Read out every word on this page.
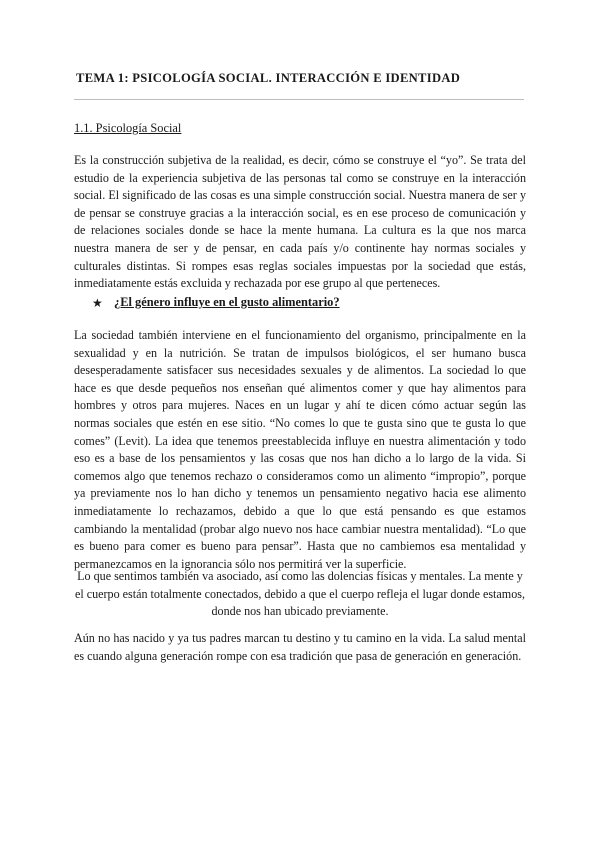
TEMA 1: PSICOLOGÍA SOCIAL. INTERACCIÓN E IDENTIDAD
1.1. Psicología Social

Es la construcción subjetiva de la realidad, es decir, cómo se construye el “yo”. Se trata del estudio de la experiencia subjetiva de las personas tal como se construye en la interacción social. El significado de las cosas es una simple construcción social. Nuestra manera de ser y de pensar se construye gracias a la interacción social, es en ese proceso de comunicación y de relaciones sociales donde se hace la mente humana. La cultura es la que nos marca nuestra manera de ser y de pensar, en cada país y/o continente hay normas sociales y culturales distintas. Si rompes esas reglas sociales impuestas por la sociedad que estás, inmediatamente estás excluida y rechazada por ese grupo al que perteneces.

★ ¿El género influye en el gusto alimentario?

La sociedad también interviene en el funcionamiento del organismo, principalmente en la sexualidad y en la nutrición. Se tratan de impulsos biológicos, el ser humano busca desesperadamente satisfacer sus necesidades sexuales y de alimentos. La sociedad lo que hace es que desde pequeños nos enseñan qué alimentos comer y que hay alimentos para hombres y otros para mujeres. Naces en un lugar y ahí te dicen cómo actuar según las normas sociales que estén en ese sitio. “No comes lo que te gusta sino que te gusta lo que comes” (Levit). La idea que tenemos preestablecida influye en nuestra alimentación y todo eso es a base de los pensamientos y las cosas que nos han dicho a lo largo de la vida. Si comemos algo que tenemos rechazo o consideramos como un alimento “impropio”, porque ya previamente nos lo han dicho y tenemos un pensamiento negativo hacia ese alimento inmediatamente lo rechazamos, debido a que lo que está pensando es que estamos cambiando la mentalidad (probar algo nuevo nos hace cambiar nuestra mentalidad). “Lo que es bueno para comer es bueno para pensar”. Hasta que no cambiemos esa mentalidad y permanezcamos en la ignorancia sólo nos permitirá ver la superficie.

Lo que sentimos también va asociado, así como las dolencias físicas y mentales. La mente y el cuerpo están totalmente conectados, debido a que el cuerpo refleja el lugar donde estamos, donde nos han ubicado previamente.

Aún no has nacido y ya tus padres marcan tu destino y tu camino en la vida. La salud mental es cuando alguna generación rompe con esa tradición que pasa de generación en generación.
